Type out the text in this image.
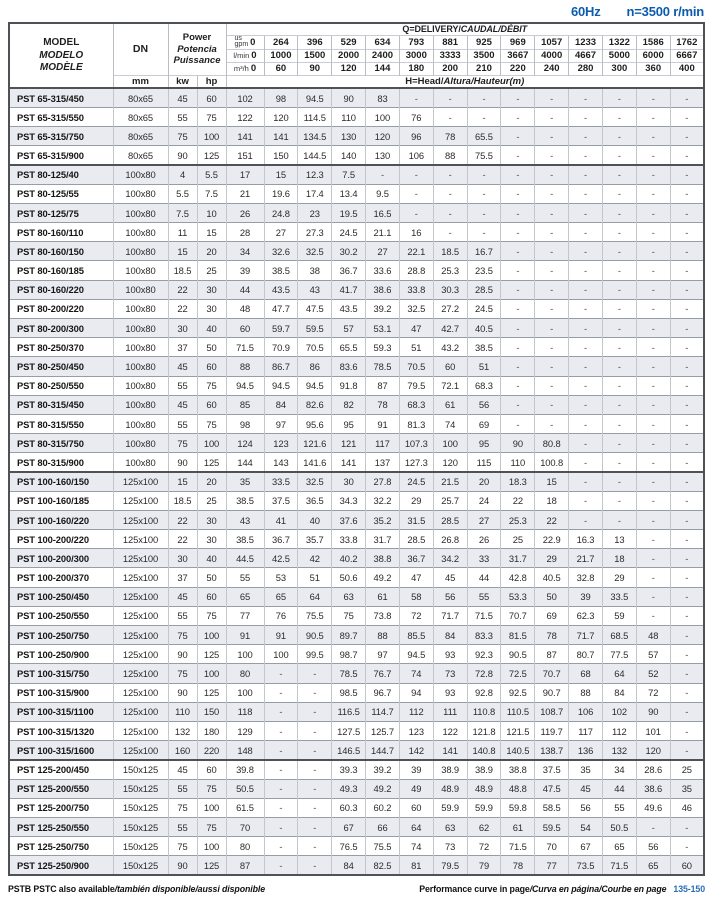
60Hz n=3500 r/min
MODEL
MODELO
MODÈLE	DN	Power
Potencia
Puissance		Q=DELIVERY/CAUDAL/DÉBIT													

				us
gpm 0	264	396	529	634	793	881	925	969	1057	1233	1322	1586	1762

				l/min 0	1000	1500	2000	2400	3000	3333	3500	3667	4000	4667	5000	6000	6667

				m³/h 0	60	90	120	144	180	200	210	220	240	280	300	360	400
	mm	kw	hp	H=Head/Altura/Hauteur(m)													
PST 65-315/450	80x65	45	60	102	98	94.5	90	83	-	-	-	-	-	-	-	-	-
PST 65-315/550	80x65	55	75	122	120	114.5	110	100	76	-	-	-	-	-	-	-	-
PST 65-315/750	80x65	75	100	141	141	134.5	130	120	96	78	65.5	-	-	-	-	-	-
PST 65-315/900	80x65	90	125	151	150	144.5	140	130	106	88	75.5	-	-	-	-	-	-
PST 80-125/40	100x80	4	5.5	17	15	12.3	7.5	-	-	-	-	-	-	-	-	-	-
PST 80-125/55	100x80	5.5	7.5	21	19.6	17.4	13.4	9.5	-	-	-	-	-	-	-	-	-
PST 80-125/75	100x80	7.5	10	26	24.8	23	19.5	16.5	-	-	-	-	-	-	-	-	-
PST 80-160/110	100x80	11	15	28	27	27.3	24.5	21.1	16	-	-	-	-	-	-	-	-
PST 80-160/150	100x80	15	20	34	32.6	32.5	30.2	27	22.1	18.5	16.7	-	-	-	-	-	-
PST 80-160/185	100x80	18.5	25	39	38.5	38	36.7	33.6	28.8	25.3	23.5	-	-	-	-	-	-
PST 80-160/220	100x80	22	30	44	43.5	43	41.7	38.6	33.8	30.3	28.5	-	-	-	-	-	-
PST 80-200/220	100x80	22	30	48	47.7	47.5	43.5	39.2	32.5	27.2	24.5	-	-	-	-	-	-
PST 80-200/300	100x80	30	40	60	59.7	59.5	57	53.1	47	42.7	40.5	-	-	-	-	-	-
PST 80-250/370	100x80	37	50	71.5	70.9	70.5	65.5	59.3	51	43.2	38.5	-	-	-	-	-	-
PST 80-250/450	100x80	45	60	88	86.7	86	83.6	78.5	70.5	60	51	-	-	-	-	-	-
PST 80-250/550	100x80	55	75	94.5	94.5	94.5	91.8	87	79.5	72.1	68.3	-	-	-	-	-	-
PST 80-315/450	100x80	45	60	85	84	82.6	82	78	68.3	61	56	-	-	-	-	-	-
PST 80-315/550	100x80	55	75	98	97	95.6	95	91	81.3	74	69	-	-	-	-	-	-
PST 80-315/750	100x80	75	100	124	123	121.6	121	117	107.3	100	95	90	80.8	-	-	-	-
PST 80-315/900	100x80	90	125	144	143	141.6	141	137	127.3	120	115	110	100.8	-	-	-	-
PST 100-160/150	125x100	15	20	35	33.5	32.5	30	27.8	24.5	21.5	20	18.3	15	-	-	-	-
PST 100-160/185	125x100	18.5	25	38.5	37.5	36.5	34.3	32.2	29	25.7	24	22	18	-	-	-	-
PST 100-160/220	125x100	22	30	43	41	40	37.6	35.2	31.5	28.5	27	25.3	22	-	-	-	-
PST 100-200/220	125x100	22	30	38.5	36.7	35.7	33.8	31.7	28.5	26.8	26	25	22.9	16.3	13	-	-
PST 100-200/300	125x100	30	40	44.5	42.5	42	40.2	38.8	36.7	34.2	33	31.7	29	21.7	18	-	-
PST 100-200/370	125x100	37	50	55	53	51	50.6	49.2	47	45	44	42.8	40.5	32.8	29	-	-
PST 100-250/450	125x100	45	60	65	65	64	63	61	58	56	55	53.3	50	39	33.5	-	-
PST 100-250/550	125x100	55	75	77	76	75.5	75	73.8	72	71.7	71.5	70.7	69	62.3	59	-	-
PST 100-250/750	125x100	75	100	91	91	90.5	89.7	88	85.5	84	83.3	81.5	78	71.7	68.5	48	-
PST 100-250/900	125x100	90	125	100	100	99.5	98.7	97	94.5	93	92.3	90.5	87	80.7	77.5	57	-
PST 100-315/750	125x100	75	100	80	-	-	78.5	76.7	74	73	72.8	72.5	70.7	68	64	52	-
PST 100-315/900	125x100	90	125	100	-	-	98.5	96.7	94	93	92.8	92.5	90.7	88	84	72	-
PST 100-315/1100	125x100	110	150	118	-	-	116.5	114.7	112	111	110.8	110.5	108.7	106	102	90	-
PST 100-315/1320	125x100	132	180	129	-	-	127.5	125.7	123	122	121.8	121.5	119.7	117	112	101	-
PST 100-315/1600	125x100	160	220	148	-	-	146.5	144.7	142	141	140.8	140.5	138.7	136	132	120	-
PST 125-200/450	150x125	45	60	39.8	-	-	39.3	39.2	39	38.9	38.9	38.8	37.5	35	34	28.6	25
PST 125-200/550	150x125	55	75	50.5	-	-	49.3	49.2	49	48.9	48.9	48.8	47.5	45	44	38.6	35
PST 125-200/750	150x125	75	100	61.5	-	-	60.3	60.2	60	59.9	59.9	59.8	58.5	56	55	49.6	46
PST 125-250/550	150x125	55	75	70	-	-	67	66	64	63	62	61	59.5	54	50.5	-	-
PST 125-250/750	150x125	75	100	80	-	-	76.5	75.5	74	73	72	71.5	70	67	65	56	-
PST 125-250/900	150x125	90	125	87	-	-	84	82.5	81	79.5	79	78	77	73.5	71.5	65	60
PSTB PSTC also available/también disponible/aussi disponible	Performance curve in page/Curva en página/Courbe en page 135-150
